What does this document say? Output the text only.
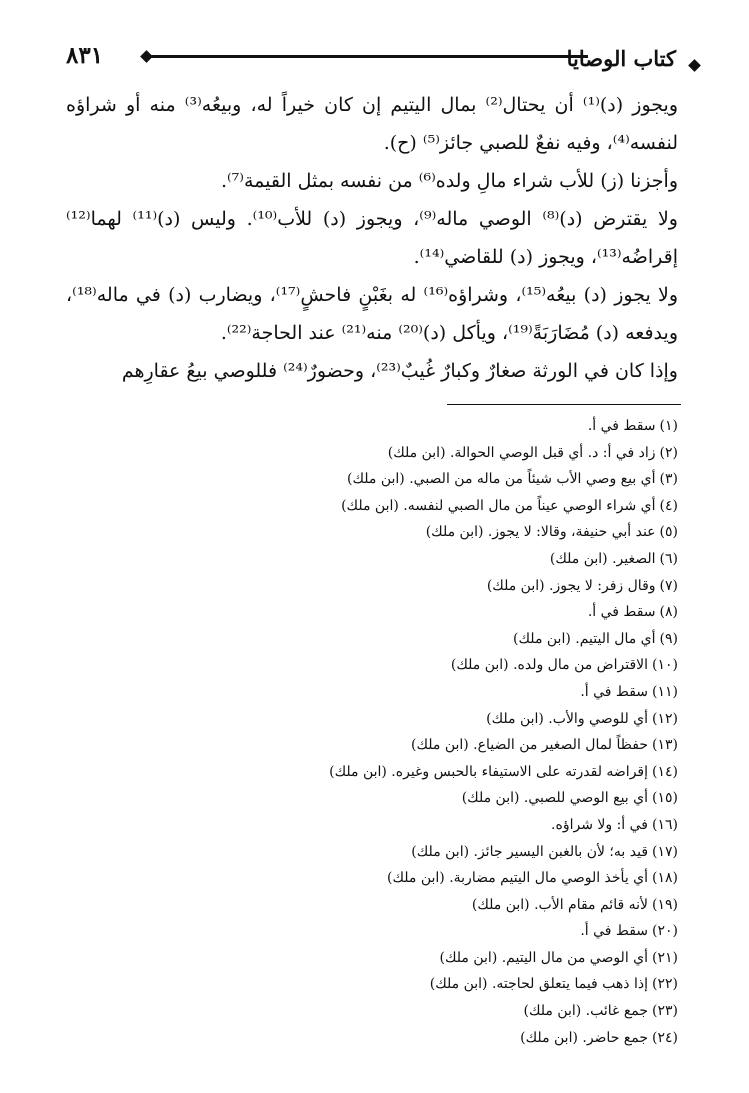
٨٣١	كتاب الوصايا

ويجوز (د)⁽¹⁾ أن يحتال⁽²⁾ بمال اليتيم إن كان خيراً له، وبيعُه⁽³⁾ منه أو شراؤه لنفسه⁽⁴⁾، وفيه نفعٌ للصبي جائز⁽⁵⁾ (ح).

وأجزنا (ز) للأب شراء مالِ ولده⁽⁶⁾ من نفسه بمثل القيمة⁽⁷⁾.

ولا يقترض (د)⁽⁸⁾ الوصي ماله⁽⁹⁾، ويجوز (د) للأب⁽¹⁰⁾. وليس (د)⁽¹¹⁾ لهما⁽¹²⁾ إقراضُه⁽¹³⁾، ويجوز (د) للقاضي⁽¹⁴⁾.

ولا يجوز (د) بيعُه⁽¹⁵⁾، وشراؤه⁽¹⁶⁾ له بغَبْنٍ فاحشٍ⁽¹⁷⁾، ويضارب (د) في ماله⁽¹⁸⁾، ويدفعه (د) مُضَارَبَةً⁽¹⁹⁾، ويأكل (د)⁽²⁰⁾ منه⁽²¹⁾ عند الحاجة⁽²²⁾.

وإذا كان في الورثة صغارٌ وكبارٌ غُيبٌ⁽²³⁾، وحضورٌ⁽²⁴⁾ فللوصي بيعُ عقارِهم

(١)سقط في أ.
(٢)زاد في أ: د. أي قبل الوصي الحوالة. (ابن ملك)
(٣)أي بيع وصي الأب شيئاً من ماله من الصبي. (ابن ملك)
(٤)أي شراء الوصي عيناً من مال الصبي لنفسه. (ابن ملك)
(٥)عند أبي حنيفة، وقالا: لا يجوز. (ابن ملك)
(٦)الصغير. (ابن ملك)
(٧)وقال زفر: لا يجوز. (ابن ملك)
(٨)سقط في أ.
(٩)أي مال اليتيم. (ابن ملك)
(١٠)الاقتراض من مال ولده. (ابن ملك)
(١١)سقط في أ.
(١٢)أي للوصي والأب. (ابن ملك)
(١٣)حفظاً لمال الصغير من الضياع. (ابن ملك)
(١٤)إقراضه لقدرته على الاستيفاء بالحبس وغيره. (ابن ملك)
(١٥)أي بيع الوصي للصبي. (ابن ملك)
(١٦)في أ: ولا شراؤه.
(١٧)قيد به؛ لأن بالغبن اليسير جائز. (ابن ملك)
(١٨)أي يأخذ الوصي مال اليتيم مضاربة. (ابن ملك)
(١٩)لأنه قائم مقام الأب. (ابن ملك)
(٢٠)سقط في أ.
(٢١)أي الوصي من مال اليتيم. (ابن ملك)
(٢٢)إذا ذهب فيما يتعلق لحاجته. (ابن ملك)
(٢٣)جمع غائب. (ابن ملك)
(٢٤)جمع حاضر. (ابن ملك)
